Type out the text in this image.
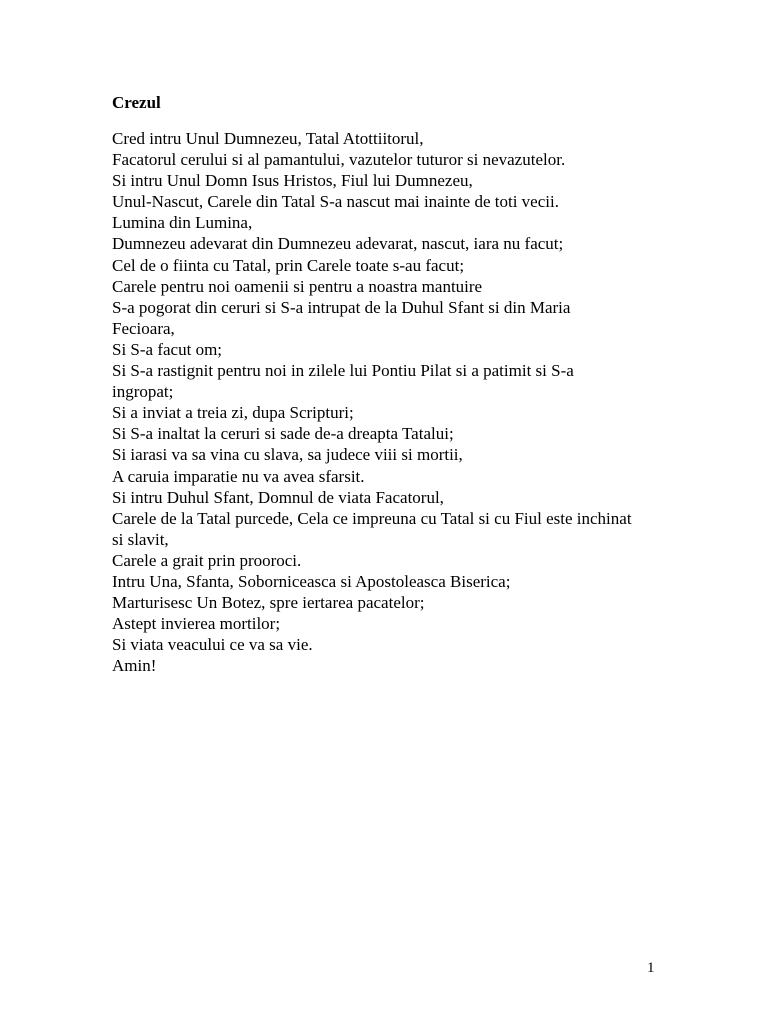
Crezul
Cred intru Unul Dumnezeu, Tatal Atottiitorul,
Facatorul cerului si al pamantului, vazutelor tuturor si nevazutelor.
Si intru Unul Domn Isus Hristos, Fiul lui Dumnezeu,
Unul-Nascut, Carele din Tatal S-a nascut mai inainte de toti vecii.
Lumina din Lumina,
Dumnezeu adevarat din Dumnezeu adevarat, nascut, iara nu facut;
Cel de o fiinta cu Tatal, prin Carele toate s-au facut;
Carele pentru noi oamenii si pentru a noastra mantuire
S-a pogorat din ceruri si S-a intrupat de la Duhul Sfant si din Maria
Fecioara,
Si S-a facut om;
Si S-a rastignit pentru noi in zilele lui Pontiu Pilat si a patimit si S-a
ingropat;
Si a inviat a treia zi, dupa Scripturi;
Si S-a inaltat la ceruri si sade de-a dreapta Tatalui;
Si iarasi va sa vina cu slava, sa judece viii si mortii,
A caruia imparatie nu va avea sfarsit.
Si intru Duhul Sfant, Domnul de viata Facatorul,
Carele de la Tatal purcede, Cela ce impreuna cu Tatal si cu Fiul este inchinat
si slavit,
Carele a grait prin prooroci.
Intru Una, Sfanta, Soborniceasca si Apostoleasca Biserica;
Marturisesc Un Botez, spre iertarea pacatelor;
Astept invierea mortilor;
Si viata veacului ce va sa vie.
Amin!
1
